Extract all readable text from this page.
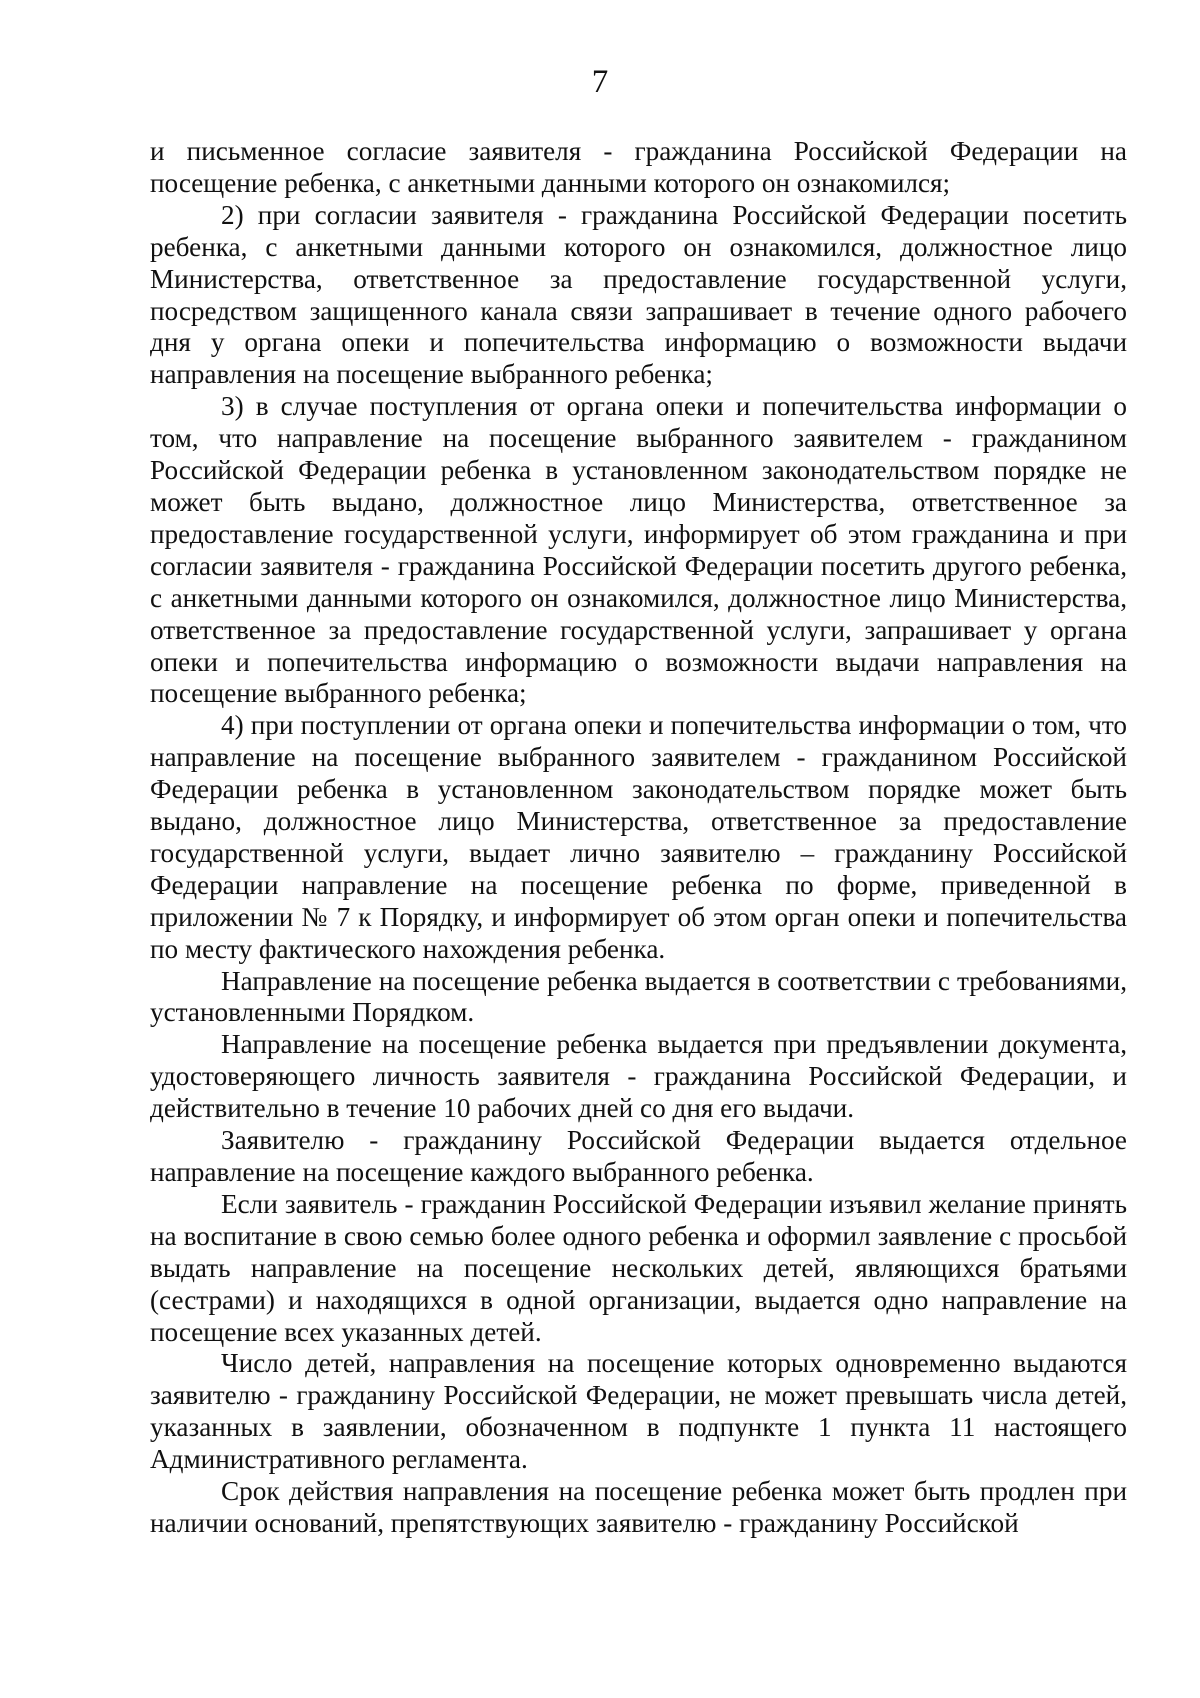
7

и письменное согласие заявителя - гражданина Российской Федерации на посещение ребенка, с анкетными данными которого он ознакомился;

2) при согласии заявителя - гражданина Российской Федерации посетить ребенка, с анкетными данными которого он ознакомился, должностное лицо Министерства, ответственное за предоставление государственной услуги, посредством защищенного канала связи запрашивает в течение одного рабочего дня у органа опеки и попечительства информацию о возможности выдачи направления на посещение выбранного ребенка;

3) в случае поступления от органа опеки и попечительства информации о том, что направление на посещение выбранного заявителем - гражданином Российской Федерации ребенка в установленном законодательством порядке не может быть выдано, должностное лицо Министерства, ответственное за предоставление государственной услуги, информирует об этом гражданина и при согласии заявителя - гражданина Российской Федерации посетить другого ребенка, с анкетными данными которого он ознакомился, должностное лицо Министерства, ответственное за предоставление государственной услуги, запрашивает у органа опеки и попечительства информацию о возможности выдачи направления на посещение выбранного ребенка;

4) при поступлении от органа опеки и попечительства информации о том, что направление на посещение выбранного заявителем - гражданином Российской Федерации ребенка в установленном законодательством порядке может быть выдано, должностное лицо Министерства, ответственное за предоставление государственной услуги, выдает лично заявителю – гражданину Российской Федерации направление на посещение ребенка по форме, приведенной в приложении № 7 к Порядку, и информирует об этом орган опеки и попечительства по месту фактического нахождения ребенка.

Направление на посещение ребенка выдается в соответствии с требованиями, установленными Порядком.

Направление на посещение ребенка выдается при предъявлении документа, удостоверяющего личность заявителя - гражданина Российской Федерации, и действительно в течение 10 рабочих дней со дня его выдачи.

Заявителю - гражданину Российской Федерации выдается отдельное направление на посещение каждого выбранного ребенка.

Если заявитель - гражданин Российской Федерации изъявил желание принять на воспитание в свою семью более одного ребенка и оформил заявление с просьбой выдать направление на посещение нескольких детей, являющихся братьями (сестрами) и находящихся в одной организации, выдается одно направление на посещение всех указанных детей.

Число детей, направления на посещение которых одновременно выдаются заявителю - гражданину Российской Федерации, не может превышать числа детей, указанных в заявлении, обозначенном в подпункте 1 пункта 11 настоящего Административного регламента.

Срок действия направления на посещение ребенка может быть продлен при наличии оснований, препятствующих заявителю - гражданину Российской
